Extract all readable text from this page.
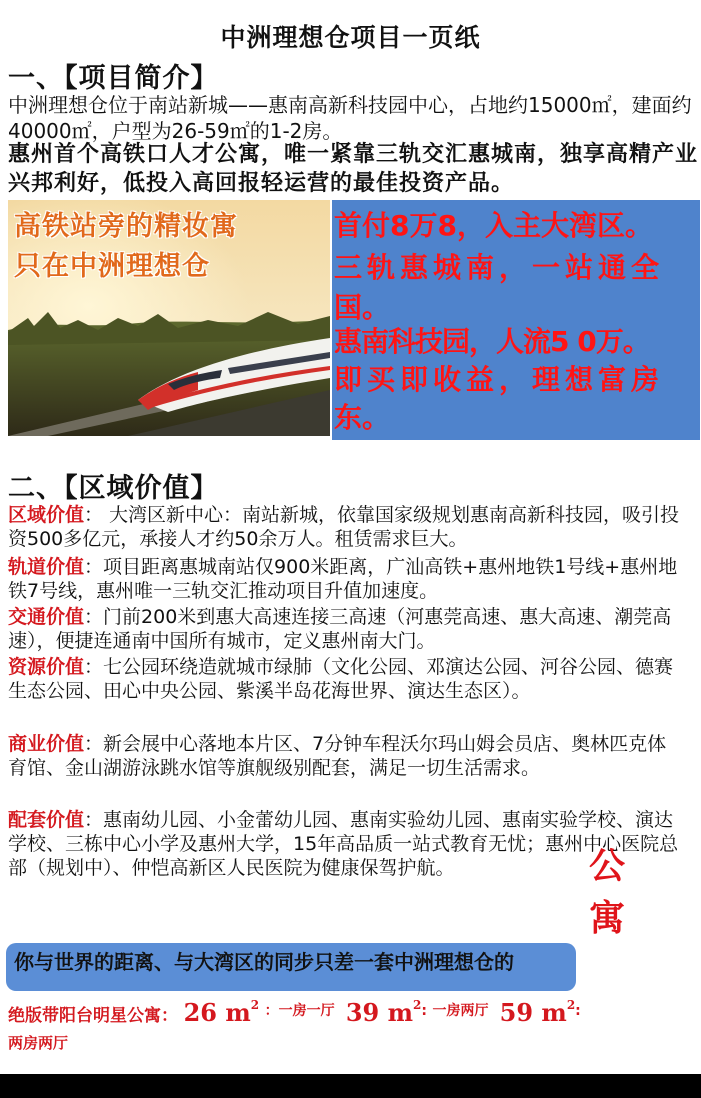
中洲理想仓项目一页纸
一、【项目简介】
中洲理想仓位于南站新城——惠南高新科技园中心，占地约15000㎡，建面约40000㎡，户型为26-59㎡的1-2房。
惠州首个高铁口人才公寓，唯一紧靠三轨交汇惠城南，独享高精产业兴邦利好，低投入高回报轻运营的最佳投资产品。
高铁站旁的精妆寓
只在中洲理想仓
首付8万8，入主大湾区。
三轨惠城南，一站通全
国。
惠南科技园，人流5 0万。
即买即收益，理想富房
东。
二、【区域价值】
区域价值： 大湾区新中心：南站新城，依靠国家级规划惠南高新科技园，吸引投资500多亿元，承接人才约50余万人。租赁需求巨大。
轨道价值：项目距离惠城南站仅900米距离，广汕高铁+惠州地铁1号线+惠州地铁7号线，惠州唯一三轨交汇推动项目升值加速度。
交通价值：门前200米到惠大高速连接三高速（河惠莞高速、惠大高速、潮莞高速），便捷连通南中国所有城市，定义惠州南大门。
资源价值：七公园环绕造就城市绿肺（文化公园、邓演达公园、河谷公园、德赛生态公园、田心中央公园、紫溪半岛花海世界、演达生态区）。
商业价值：新会展中心落地本片区、7分钟车程沃尔玛山姆会员店、奥林匹克体育馆、金山湖游泳跳水馆等旗舰级别配套，满足一切生活需求。
配套价值：惠南幼儿园、小金蕾幼儿园、惠南实验幼儿园、惠南实验学校、演达学校、三栋中心小学及惠州大学，15年高品质一站式教育无忧；惠州中心医院总部（规划中）、仲恺高新区人民医院为健康保驾护航。	公
寓
你与世界的距离、与大湾区的同步只差一套中洲理想仓的
绝版带阳台明星公寓： 26 $m^2$ ：一房一厅 39 $m^2$: 一房两厅 59 $m^2$:
两房两厅
